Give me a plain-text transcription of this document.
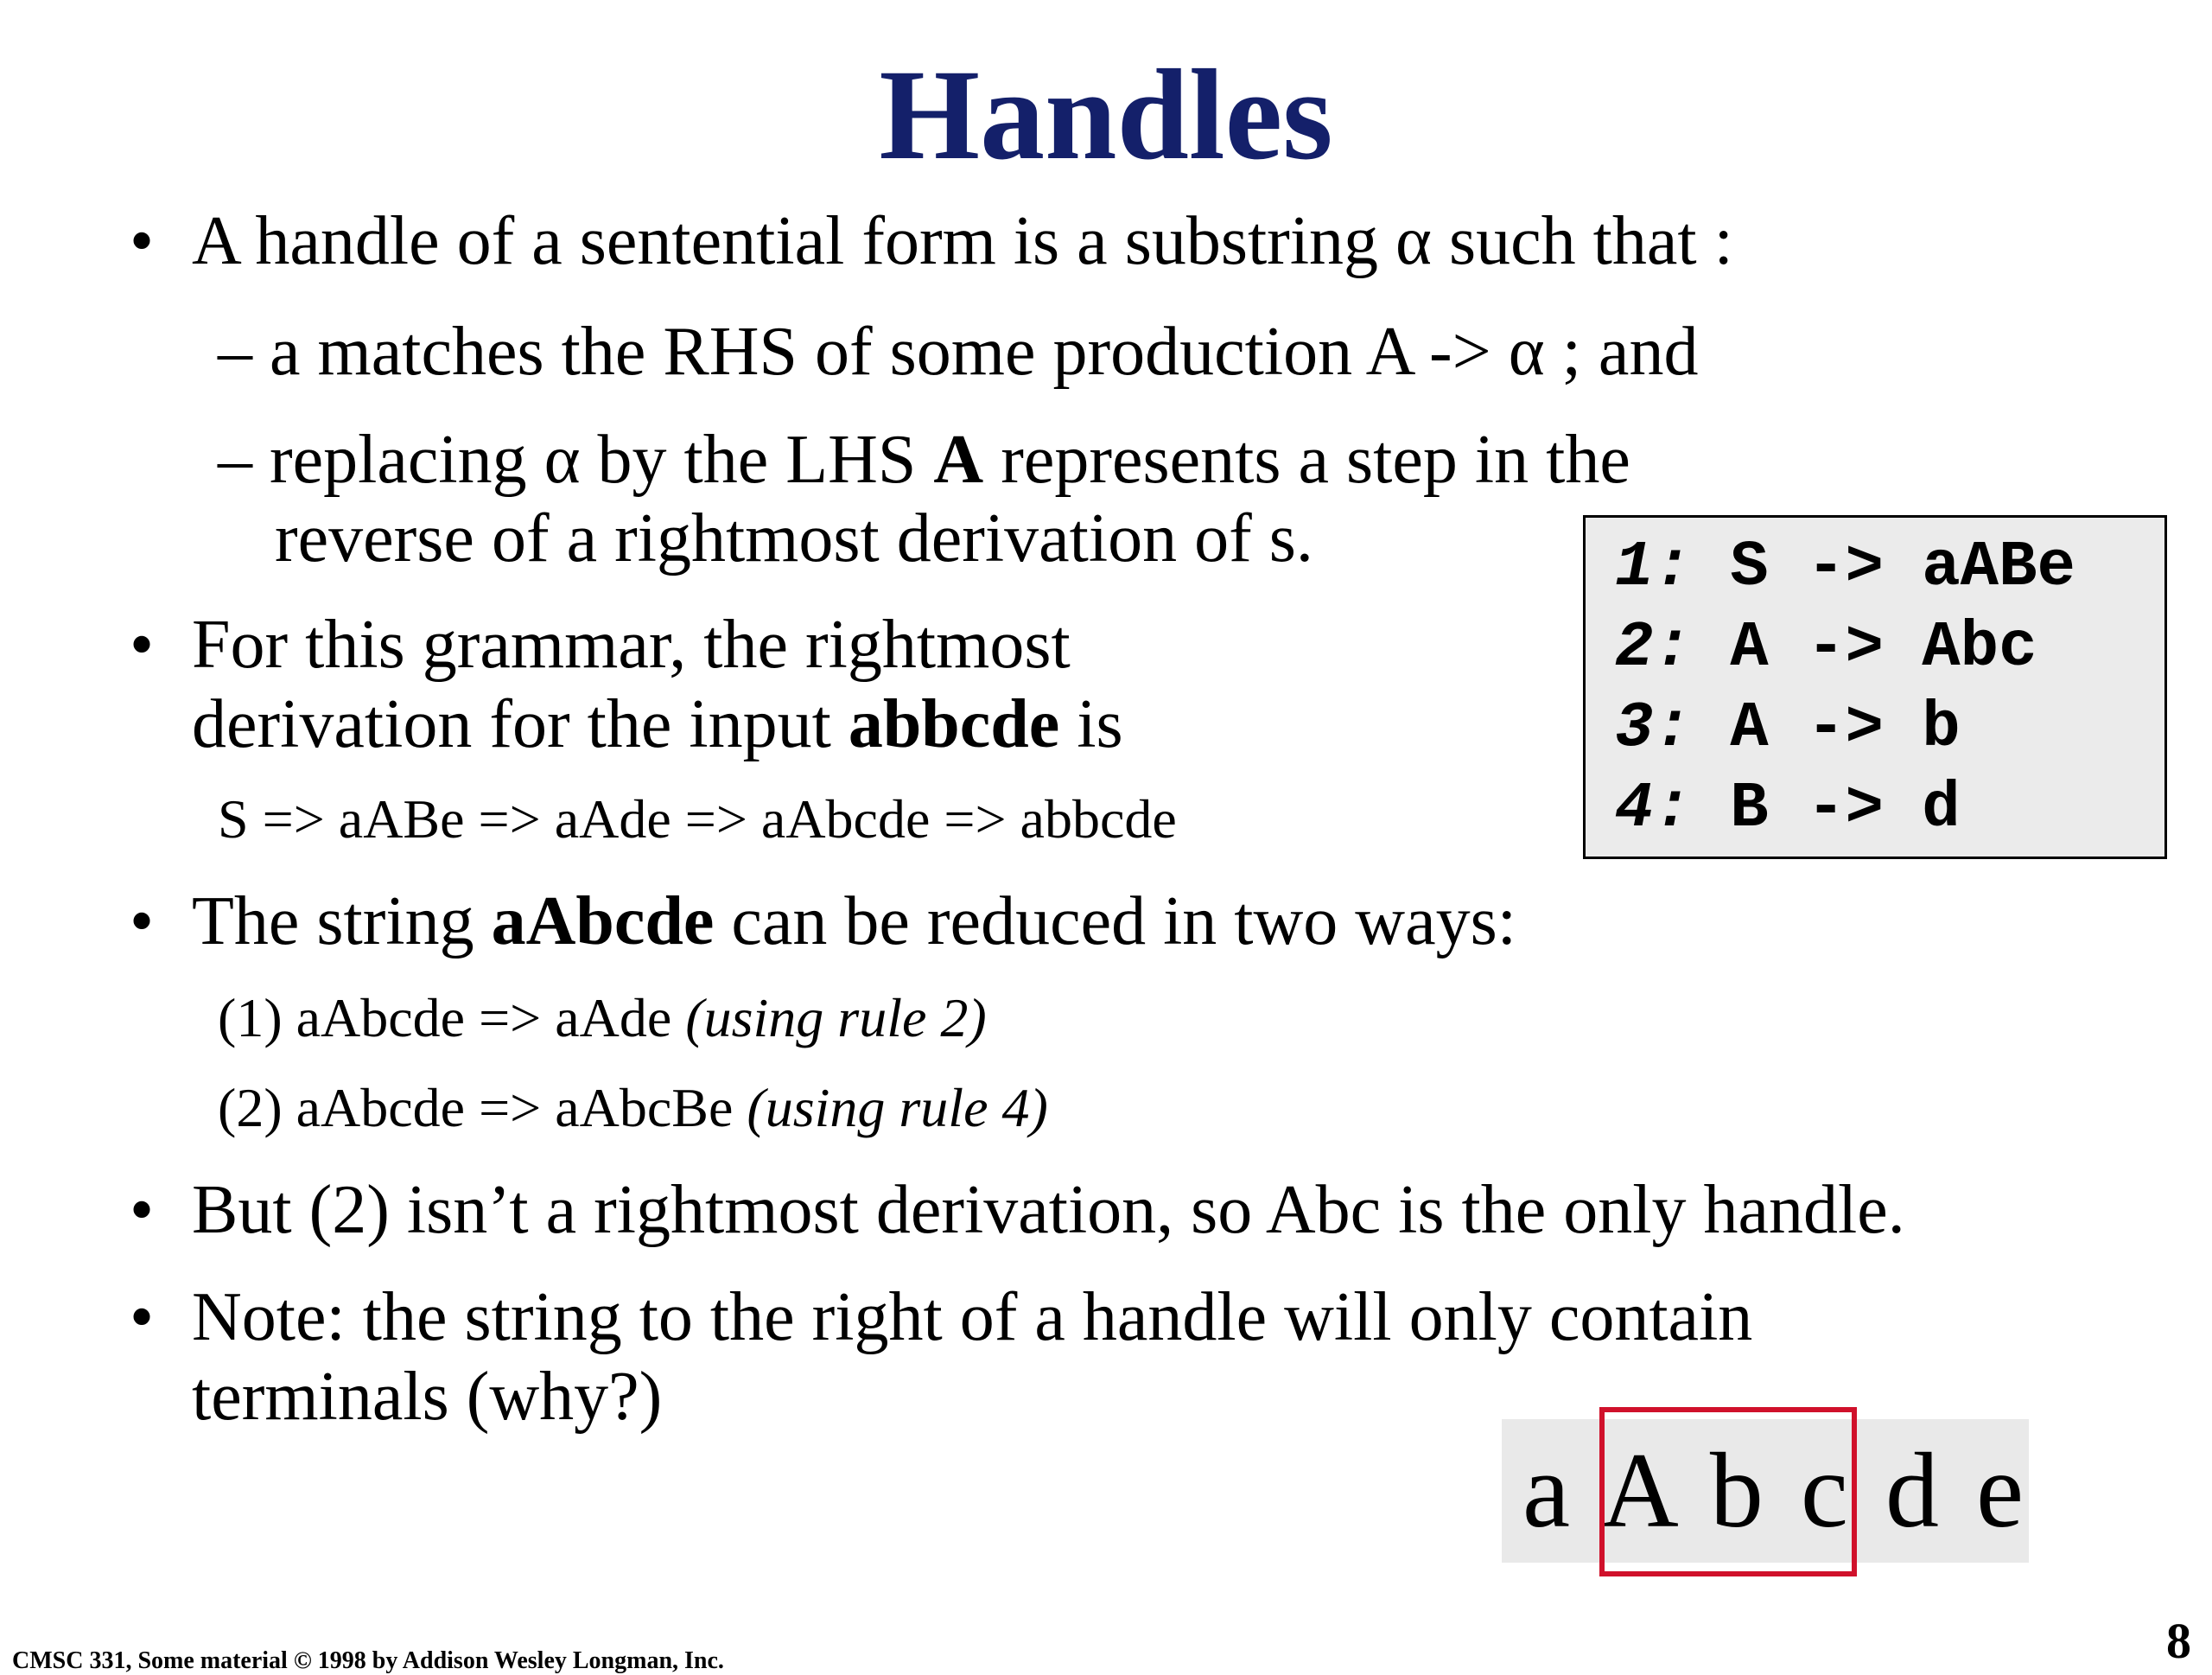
Handles
• A handle of a sentential form is a substring α such that :
– a matches the RHS of some production A -> α ; and
– replacing α by the LHS A represents a step in the
reverse of a rightmost derivation of s.
• For this grammar, the rightmost
derivation for the input abbcde is
S => aABe => aAde => aAbcde => abbcde
1: S -> aABe
2: A -> Abc
3: A -> b
4: B -> d
• The string aAbcde can be reduced in two ways:
(1) aAbcde => aAde (using rule 2)
(2) aAbcde => aAbcBe (using rule 4)
• But (2) isn’t a rightmost derivation, so Abc is the only handle.
• Note: the string to the right of a handle will only contain
terminals (why?)
a A b c d e
CMSC 331, Some material © 1998 by Addison Wesley Longman, Inc.	8
